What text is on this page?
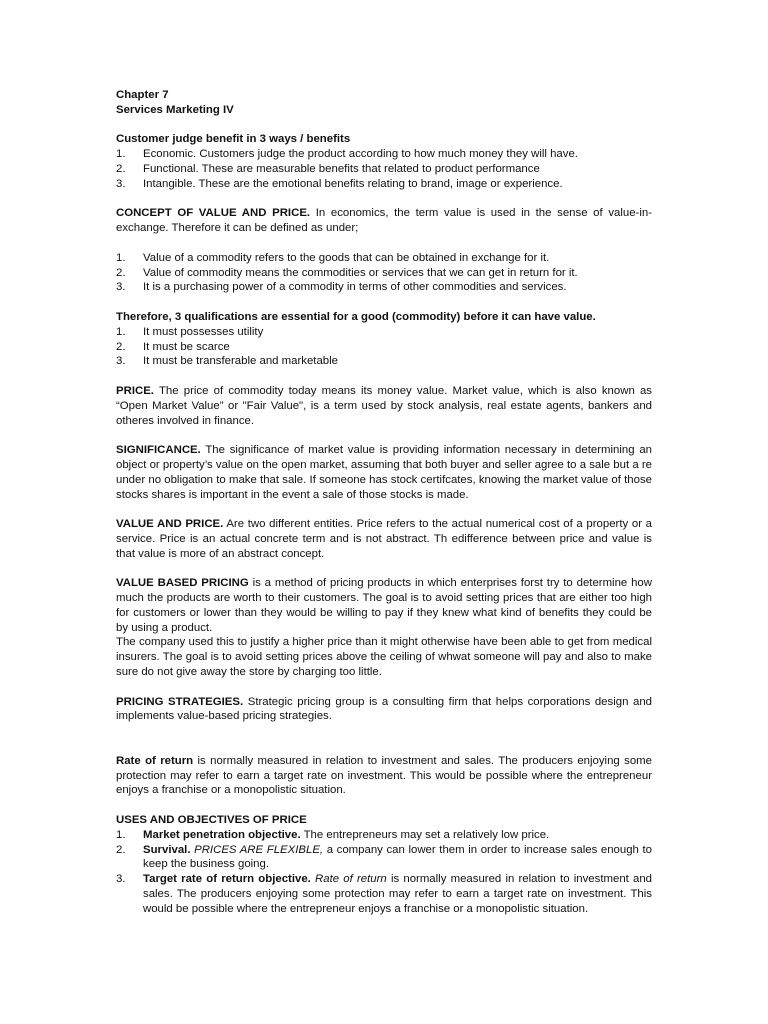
Chapter 7

Services Marketing IV

Customer judge benefit in 3 ways / benefits

1.	Economic. Customers judge the product according to how much money they will have.
2.	Functional. These are measurable benefits that related to product performance
3.	Intangible. These are the emotional benefits relating to brand, image or experience.

CONCEPT OF VALUE AND PRICE. In economics, the term value is used in the sense of value-in-exchange. Therefore it can be defined as under;

1.	Value of a commodity refers to the goods that can be obtained in exchange for it.
2.	Value of commodity means the commodities or services that we can get in return for it.
3.	It is a purchasing power of a commodity in terms of other commodities and services.

Therefore, 3 qualifications are essential for a good (commodity) before it can have value.

1.	It must possesses utility
2.	It must be scarce
3.	It must be transferable and marketable

PRICE. The price of commodity today means its money value. Market value, which is also known as “Open Market Value” or "Fair Value", is a term used by stock analysis, real estate agents, bankers and otheres involved in finance.

SIGNIFICANCE. The significance of market value is providing information necessary in determining an object or property’s value on the open market, assuming that both buyer and seller agree to a sale but a re under no obligation to make that sale. If someone has stock certifcates, knowing the market value of those stocks shares is important in the event a sale of those stocks is made.

VALUE AND PRICE. Are two different entities. Price refers to the actual numerical cost of a property or a service. Price is an actual concrete term and is not abstract. Th edifference between price and value is that value is more of an abstract concept.

VALUE BASED PRICING is a method of pricing products in which enterprises forst try to determine how much the products are worth to their customers. The goal is to avoid setting prices that are either too high for customers or lower than they would be willing to pay if they knew what kind of benefits they could be by using a product.

The company used this to justify a higher price than it might otherwise have been able to get from medical insurers. The goal is to avoid setting prices above the ceiling of whwat someone will pay and also to make sure do not give away the store by charging too little.

PRICING STRATEGIES. Strategic pricing group is a consulting firm that helps corporations design and implements value-based pricing strategies.

Rate of return is normally measured in relation to investment and sales. The producers enjoying some protection may refer to earn a target rate on investment. This would be possible where the entrepreneur enjoys a franchise or a monopolistic situation.

USES AND OBJECTIVES OF PRICE

1.	Market penetration objective. The entrepreneurs may set a relatively low price.
2.	Survival. PRICES ARE FLEXIBLE, a company can lower them in order to increase sales enough to keep the business going.
3.	Target rate of return objective. Rate of return is normally measured in relation to investment and sales. The producers enjoying some protection may refer to earn a target rate on investment. This would be possible where the entrepreneur enjoys a franchise or a monopolistic situation.
